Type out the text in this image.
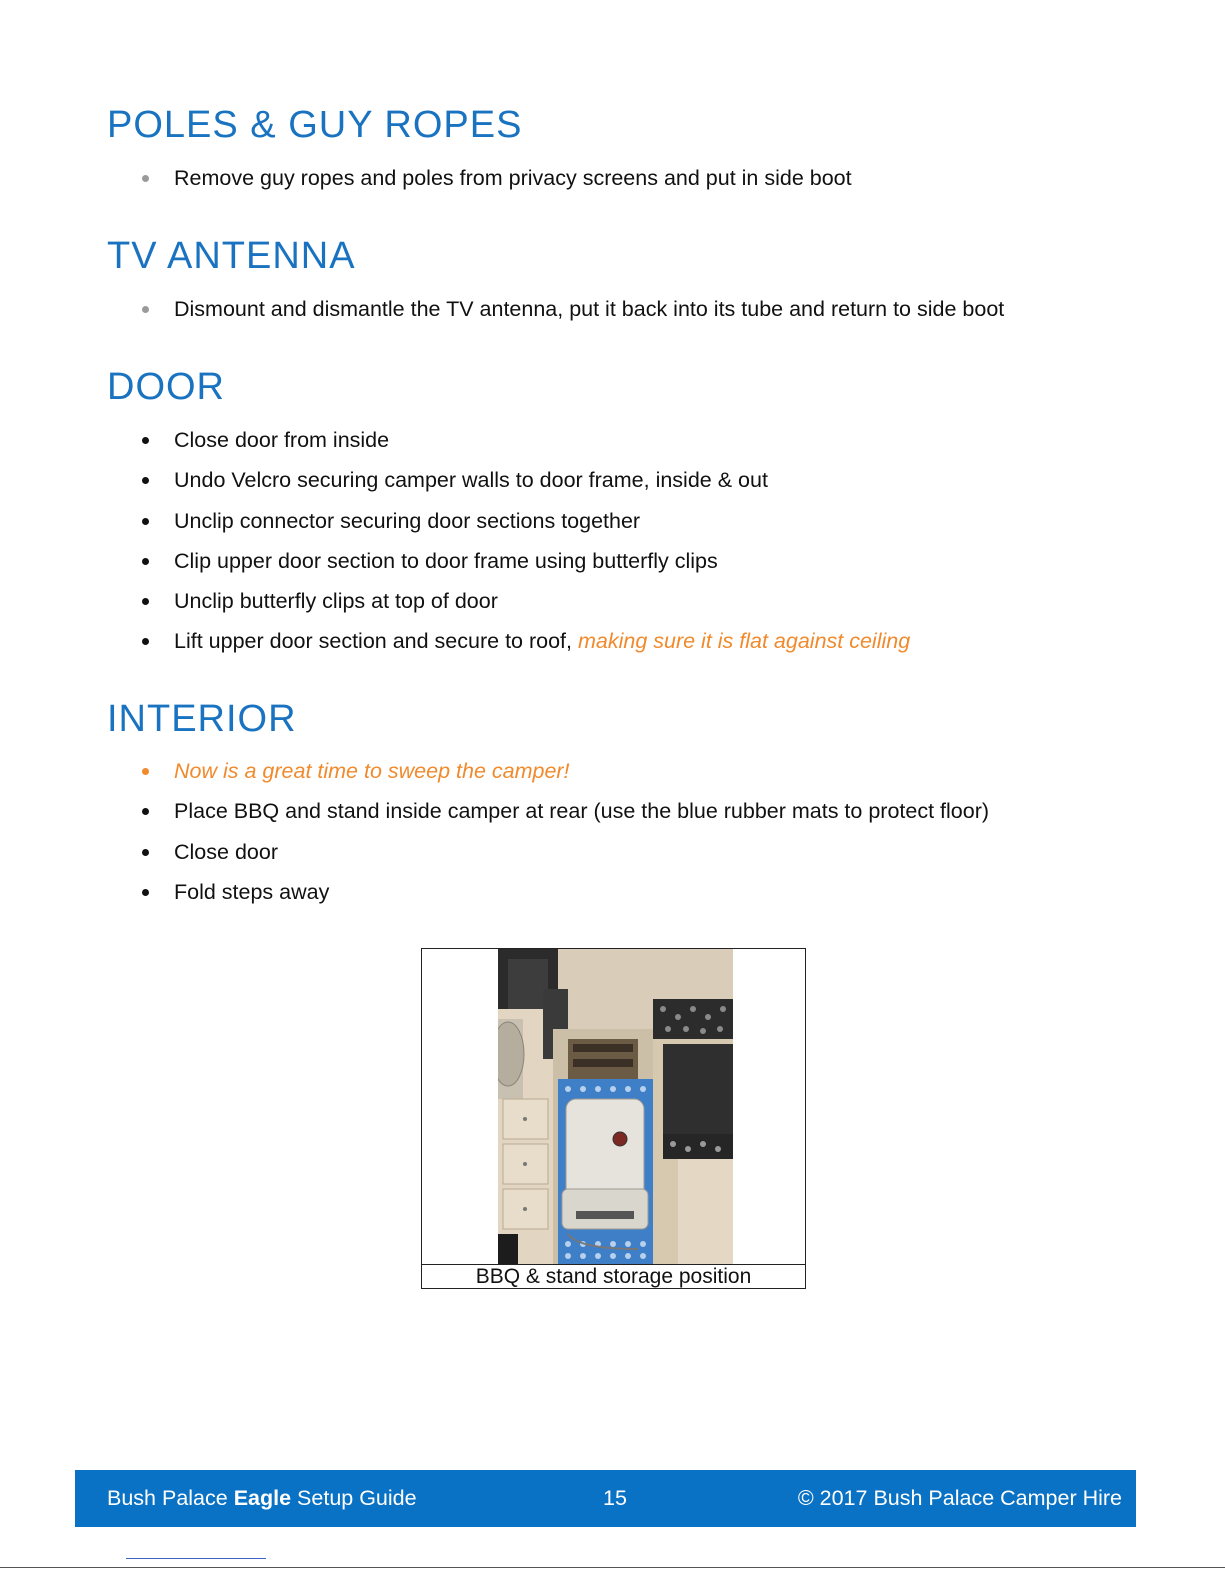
POLES & GUY ROPES
Remove guy ropes and poles from privacy screens and put in side boot
TV ANTENNA
Dismount and dismantle the TV antenna, put it back into its tube and return to side boot
DOOR
Close door from inside
Undo Velcro securing camper walls to door frame, inside & out
Unclip connector securing door sections together
Clip upper door section to door frame using butterfly clips
Unclip butterfly clips at top of door
Lift upper door section and secure to roof, making sure it is flat against ceiling
INTERIOR
Now is a great time to sweep the camper!
Place BBQ and stand inside camper at rear (use the blue rubber mats to protect floor)
Close door
Fold steps away
BBQ & stand storage position
Bush Palace Eagle Setup Guide	15	© 2017 Bush Palace Camper Hire
